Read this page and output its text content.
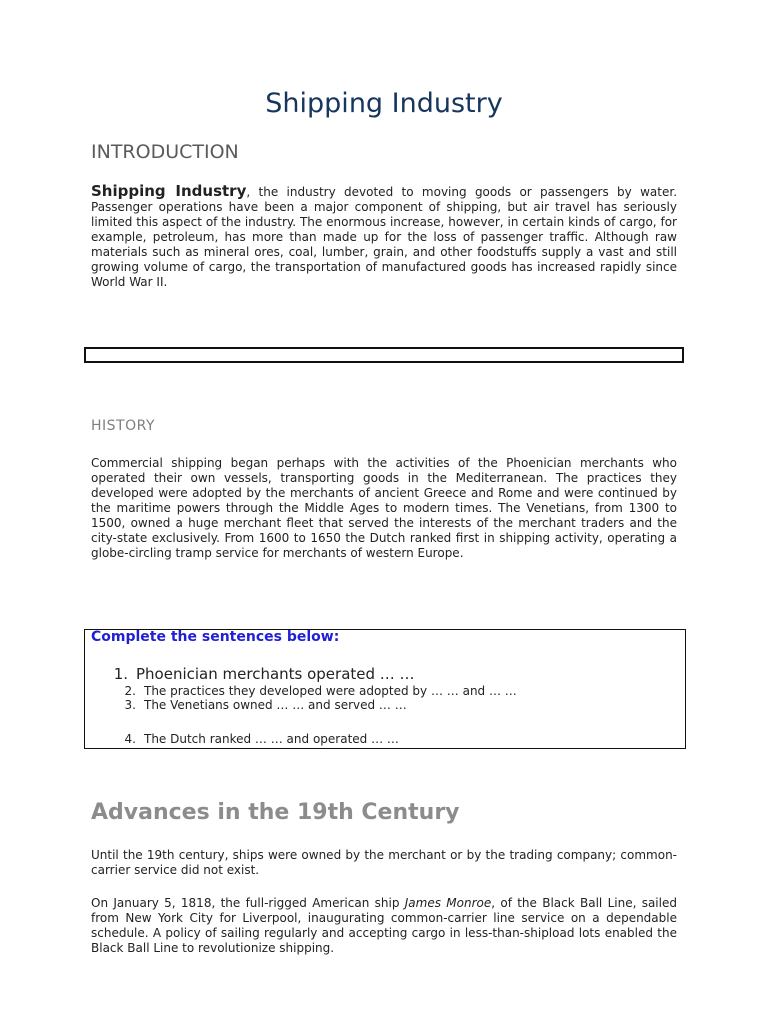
Shipping Industry
INTRODUCTION

Shipping Industry, the industry devoted to moving goods or passengers by water. Passenger operations have been a major component of shipping, but air travel has seriously limited this aspect of the industry. The enormous increase, however, in certain kinds of cargo, for example, petroleum, has more than made up for the loss of passenger traffic. Although raw materials such as mineral ores, coal, lumber, grain, and other foodstuffs supply a vast and still growing volume of cargo, the transportation of manufactured goods has increased rapidly since World War II.

HISTORY

Commercial shipping began perhaps with the activities of the Phoenician merchants who operated their own vessels, transporting goods in the Mediterranean. The practices they developed were adopted by the merchants of ancient Greece and Rome and were continued by the maritime powers through the Middle Ages to modern times. The Venetians, from 1300 to 1500, owned a huge merchant fleet that served the interests of the merchant traders and the city-state exclusively. From 1600 to 1650 the Dutch ranked first in shipping activity, operating a globe-circling tramp service for merchants of western Europe.

Complete the sentences below:

1. Phoenician merchants operated … …

2. The practices they developed were adopted by … … and … …

3. The Venetians owned … … and served … …

4. The Dutch ranked … … and operated … …

Advances in the 19th Century

Until the 19th century, ships were owned by the merchant or by the trading company; common-carrier service did not exist.

On January 5, 1818, the full-rigged American ship James Monroe, of the Black Ball Line, sailed from New York City for Liverpool, inaugurating common-carrier line service on a dependable schedule. A policy of sailing regularly and accepting cargo in less-than-shipload lots enabled the Black Ball Line to revolutionize shipping.
